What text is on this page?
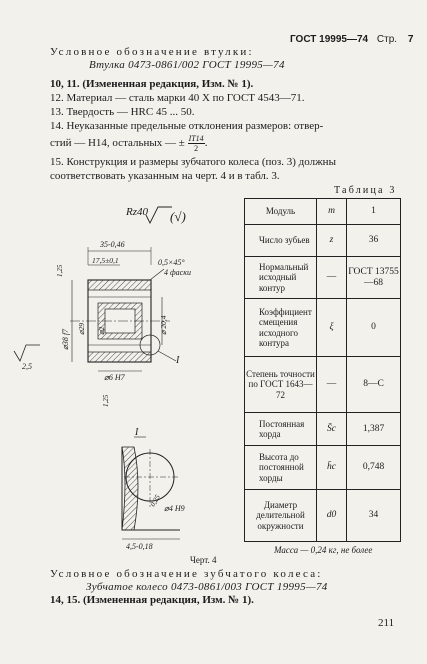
ГОСТ 19995—74 Стр. 7
Условное обозначение втулки:
Втулка 0473-0861/002 ГОСТ 19995—74
10, 11. (Измененная редакция, Изм. № 1).
12. Материал — сталь марки 40 Х по ГОСТ 4543—71.
13. Твердость — HRC 45 ... 50.
14. Неуказанные предельные отклонения размеров: отвер-
стий — H14, остальных — ± $\frac{IT14}{2}$ .
15. Конструкция и размеры зубчатого колеса (поз. 3) должны
соответствовать указанным на черт. 4 и в табл. 3.
Rz40 (√)
35-0,46
17,5±0,1
1,25
0,5×45°
4 фаски
⌀38 f7 ⌀29 ⌀2	⌀ 20,4
I
⌀6 H7
2,5
1,25
I
⌀4 H9
0,25
4,5-0,18
Черт. 4
Таблица 3
Модуль	m	1
Число зубьев	z	36
Нормальный исходный контур	—	ГОСТ 13755—68
Коэффициент смещения исходного контура	ξ	0
Степень точности по ГОСТ 1643—72	—	8—С
Постоянная хорда	S̄c	1,387
Высота до постоянной хорды	h̄c	0,748
Диаметр делительной окружности	d0	34
Масса — 0,24 кг, не более
Условное обозначение зубчатого колеса:
Зубчатое колесо 0473-0861/003 ГОСТ 19995—74
14, 15. (Измененная редакция, Изм. № 1).
211
